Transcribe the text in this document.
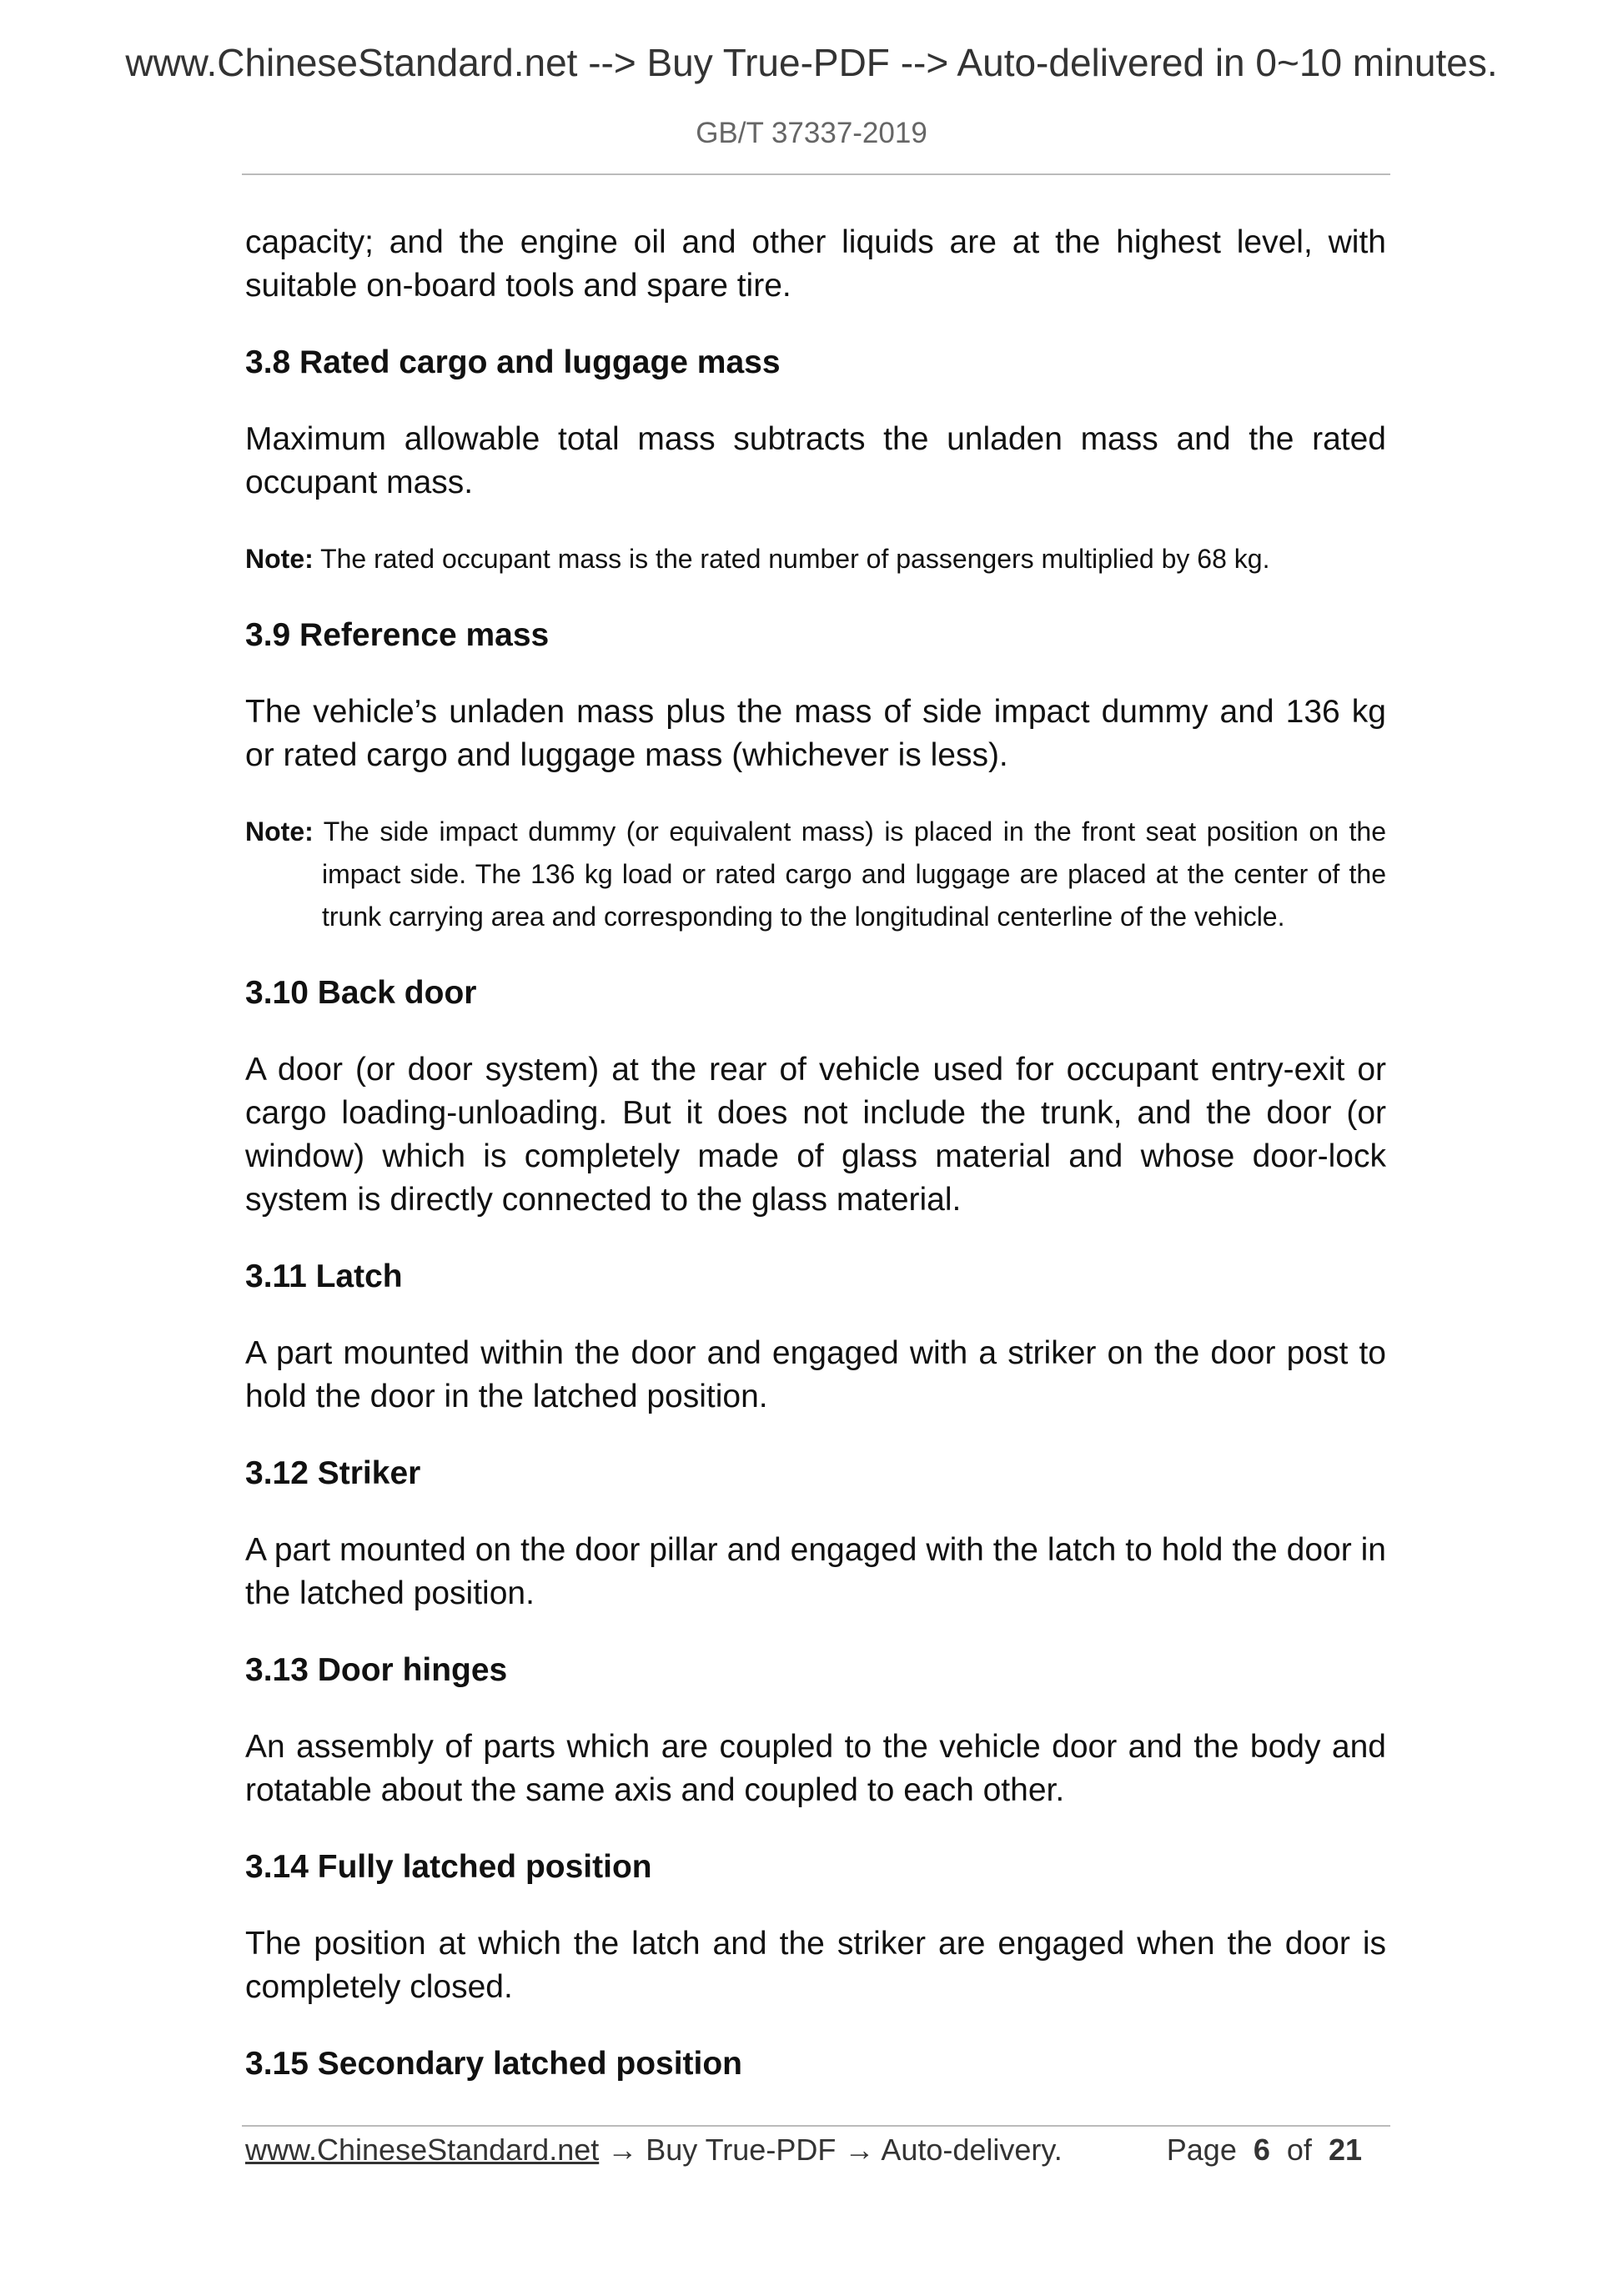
www.ChineseStandard.net --> Buy True-PDF --> Auto-delivered in 0~10 minutes.
GB/T 37337-2019

capacity; and the engine oil and other liquids are at the highest level, with suitable on-board tools and spare tire.

3.8 Rated cargo and luggage mass

Maximum allowable total mass subtracts the unladen mass and the rated occupant mass.

Note: The rated occupant mass is the rated number of passengers multiplied by 68 kg.

3.9 Reference mass

The vehicle’s unladen mass plus the mass of side impact dummy and 136 kg or rated cargo and luggage mass (whichever is less).

Note: The side impact dummy (or equivalent mass) is placed in the front seat position on the impact side. The 136 kg load or rated cargo and luggage are placed at the center of the trunk carrying area and corresponding to the longitudinal centerline of the vehicle.

3.10 Back door

A door (or door system) at the rear of vehicle used for occupant entry-exit or cargo loading-unloading. But it does not include the trunk, and the door (or window) which is completely made of glass material and whose door-lock system is directly connected to the glass material.

3.11 Latch

A part mounted within the door and engaged with a striker on the door post to hold the door in the latched position.

3.12 Striker

A part mounted on the door pillar and engaged with the latch to hold the door in the latched position.

3.13 Door hinges

An assembly of parts which are coupled to the vehicle door and the body and rotatable about the same axis and coupled to each other.

3.14 Fully latched position

The position at which the latch and the striker are engaged when the door is completely closed.

3.15 Secondary latched position

www.ChineseStandard.net → Buy True-PDF → Auto-delivery.	Page 6 of 21
